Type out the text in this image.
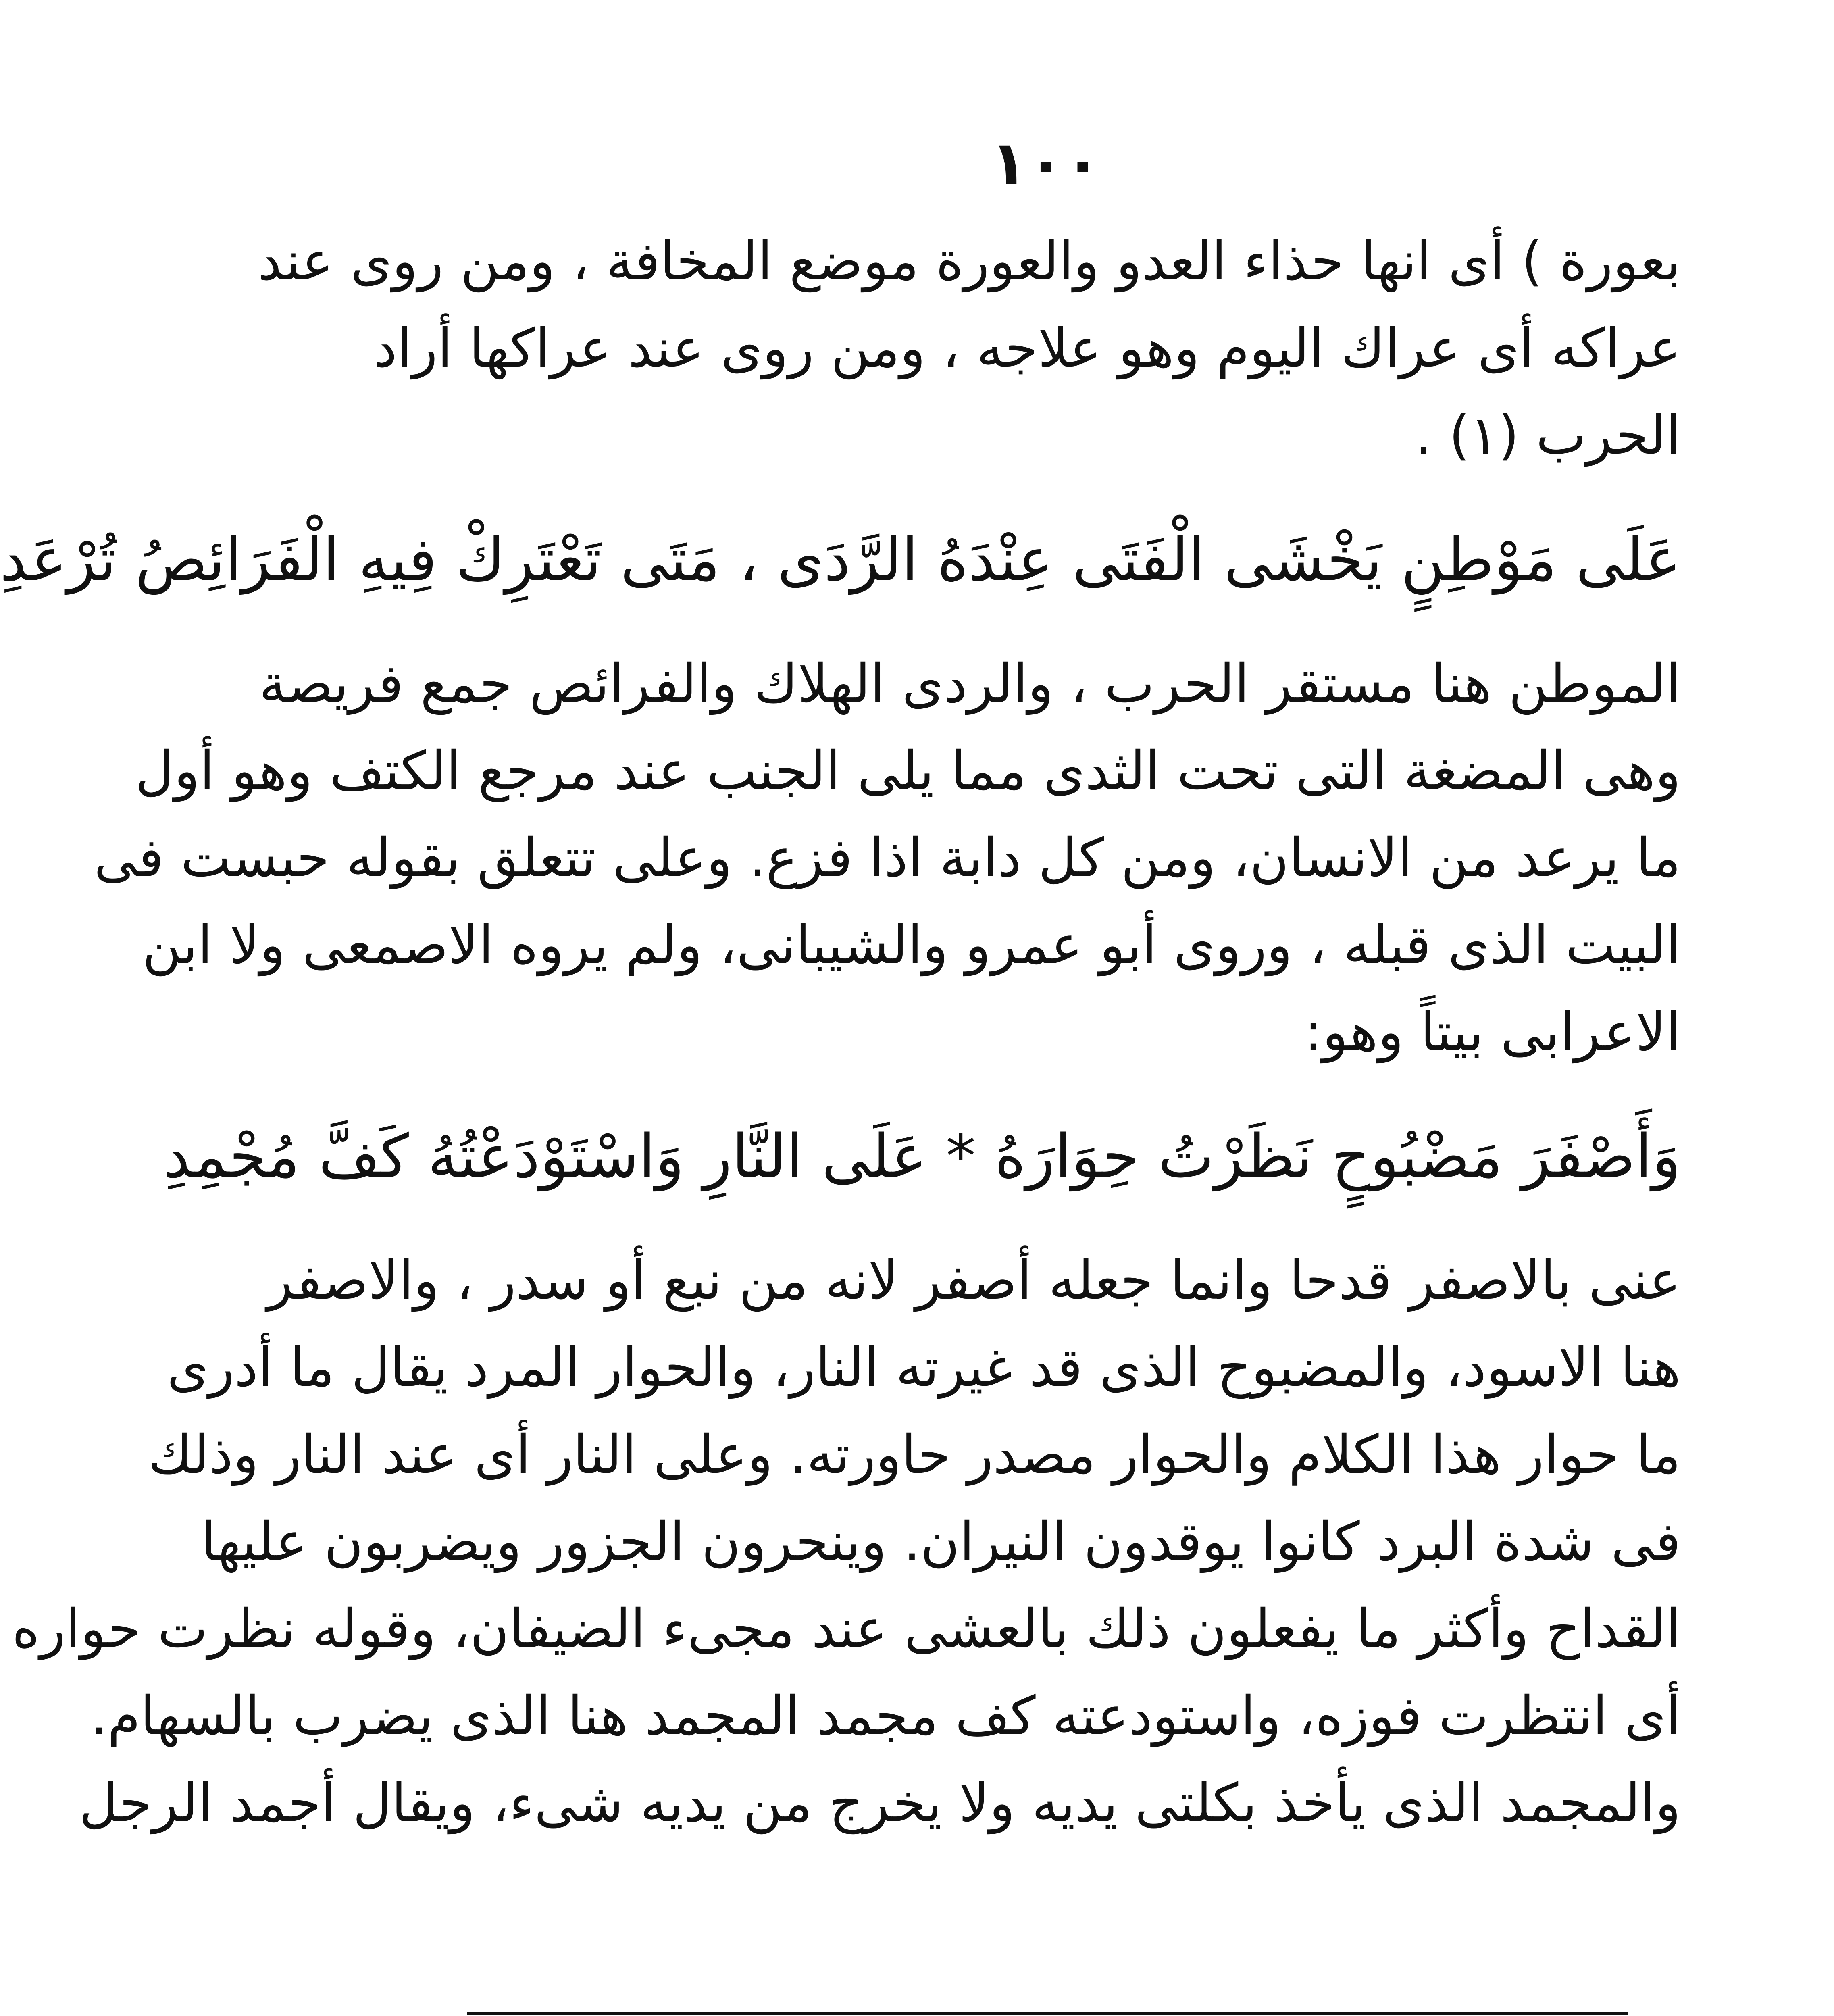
١٠٠
بعورة ) أى انها حذاء العدو والعورة موضع المخافة ، ومن روى عند
عراكه أى عراك اليوم وهو علاجه ، ومن روى عند عراكها أراد
الحرب (١) .
عَلَى مَوْطِنٍ يَخْشَى الْفَتَى عِنْدَهُ الرَّدَى ، مَتَى تَعْتَرِكْ فِيهِ الْفَرَائِصُ تُرْعَدِ
الموطن هنا مستقر الحرب ، والردى الهلاك والفرائص جمع فريصة
وهى المضغة التى تحت الثدى مما يلى الجنب عند مرجع الكتف وهو أول
ما يرعد من الانسان، ومن كل دابة اذا فزع. وعلى تتعلق بقوله حبست فى
البيت الذى قبله ، وروى أبو عمرو والشيبانى، ولم يروه الاصمعى ولا ابن
الاعرابى بيتاً وهو:
وَأَصْفَرَ مَضْبُوحٍ نَظَرْتُ حِوَارَهُ * عَلَى النَّارِ وَاسْتَوْدَعْتُهُ كَفَّ مُجْمِدِ
عنى بالاصفر قدحا وانما جعله أصفر لانه من نبع أو سدر ، والاصفر
هنا الاسود، والمضبوح الذى قد غيرته النار، والحوار المرد يقال ما أدرى
ما حوار هذا الكلام والحوار مصدر حاورته. وعلى النار أى عند النار وذلك
فى شدة البرد كانوا يوقدون النيران. وينحرون الجزور ويضربون عليها
القداح وأكثر ما يفعلون ذلك بالعشى عند مجىء الضيفان، وقوله نظرت حواره
أى انتظرت فوزه، واستودعته كف مجمد المجمد هنا الذى يضرب بالسهام.
والمجمد الذى يأخذ بكلتى يديه ولا يخرج من يديه شىء، ويقال أجمد الرجل
